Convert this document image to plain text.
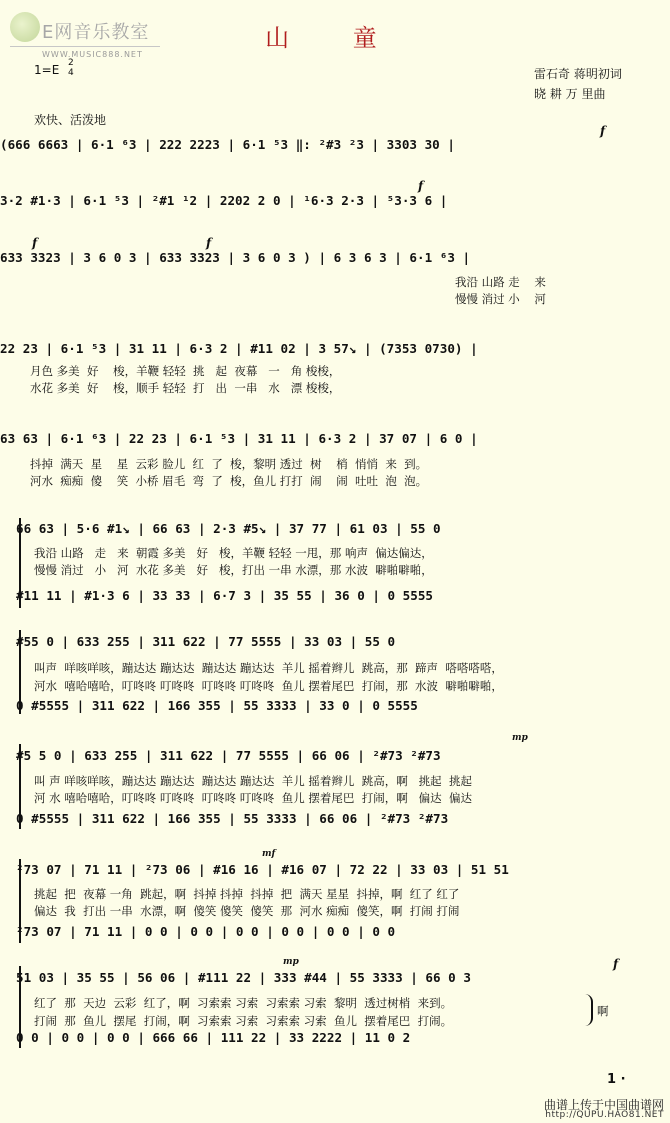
E网音乐教室
WWW.MUSIC888.NET
山 童
1=E 2
4	雷石奇 蒋明初词
晓 耕 万 里曲
欢快、活泼地
(666 6663 | 6·1 ⁶3 | 222 2223 | 6·1 ⁵3 ‖: ²#3 ²3 | 3303 30 |
3·2 #1·3 | 6·1 ⁵3 | ²#1 ¹2 | 2202 2 0 | ¹6·3 2·3 | ⁵3·3 6 |
633 3323 | 3 6 0 3 | 633 3323 | 3 6 0 3 ) | 6 3 6 3 | 6·1 ⁶3 |
我沿 山路 走    来
慢慢 消过 小    河
22 23 | 6·1 ⁵3 | 31 11 | 6·3 2 | #11 02 | 3 57↘ | (7353 0730) |
月色 多美  好    梭，羊鞭 轻轻  挑   起  夜幕   一   角 梭梭，
水花 多美  好    梭，顺手 轻轻  打   出  一串   水   漂 梭梭，
63 63 | 6·1 ⁶3 | 22 23 | 6·1 ⁵3 | 31 11 | 6·3 2 | 37 07 | 6 0 |
抖掉  满天  星    星  云彩 脸儿  红  了  梭，黎明 透过  树    梢  悄悄  来  到。
河水  痴痴  傻    笑  小桥 眉毛  弯  了  梭，鱼儿 打打  闹    闹  吐吐  泡  泡。
66 63 | 5·6 #1↘ | 66 63 | 2·3 #5↘ | 37 77 | 61 03 | 55 0
我沿 山路   走   来  朝霞 多美   好   梭，羊鞭 轻轻 一甩，那 响声  偏达偏达，
慢慢 消过   小   河  水花 多美   好   梭，打出 一串 水漂，那 水波  噼啪噼啪，
#11 11 | #1·3 6 | 33 33 | 6·7 3 | 35 55 | 36 0 | 0 5555
#55 0 | 633 255 | 311 622 | 77 5555 | 33 03 | 55 0
叫声  咩咳咩咳，蹦达达 蹦达达  蹦达达 蹦达达  羊儿 摇着辫儿  跳高，那  蹄声  嗒嗒嗒嗒，
河水  嘻哈嘻哈，叮咚咚 叮咚咚  叮咚咚 叮咚咚  鱼儿 摆着尾巴  打闹，那  水波  噼啪噼啪，
0 #5555 | 311 622 | 166 355 | 55 3333 | 33 0 | 0 5555
#5 5 0 | 633 255 | 311 622 | 77 5555 | 66 06 | ²#73 ²#73
叫 声 咩咳咩咳，蹦达达 蹦达达  蹦达达 蹦达达  羊儿 摇着辫儿  跳高，啊   挑起  挑起
河 水 嘻哈嘻哈，叮咚咚 叮咚咚  叮咚咚 叮咚咚  鱼儿 摆着尾巴  打闹，啊   偏达  偏达
0 #5555 | 311 622 | 166 355 | 55 3333 | 66 06 | ²#73 ²#73
²73 07 | 71 11 | ²73 06 | #16 16 | #16 07 | 72 22 | 33 03 | 51 51
挑起  把  夜幕 一角  跳起，啊  抖掉 抖掉  抖掉  把  满天 星星  抖掉，啊  红了 红了
偏达  我  打出 一串  水漂，啊  傻笑 傻笑  傻笑  那  河水 痴痴  傻笑，啊  打闹 打闹
²73 07 | 71 11 | 0 0 | 0 0 | 0 0 | 0 0 | 0 0 | 0 0
51 03 | 35 55 | 56 06 | #111 22 | 333 #44 | 55 3333 | 66 0 3
红了  那  天边  云彩  红了，啊  习索索 习索  习索索 习索  黎明  透过树梢  来到。
打闹  那  鱼儿  摆尾  打闹，啊  习索索 习索  习索索 习索  鱼儿  摆着尾巴  打闹。
啊
0 0 | 0 0 | 0 0 | 666 66 | 111 22 | 33 2222 | 11 0 2
f
f
f	f
mp
mf
mp	f
1 ·
曲谱上传于中国曲谱网
http://QUPU.HAO81.NET
